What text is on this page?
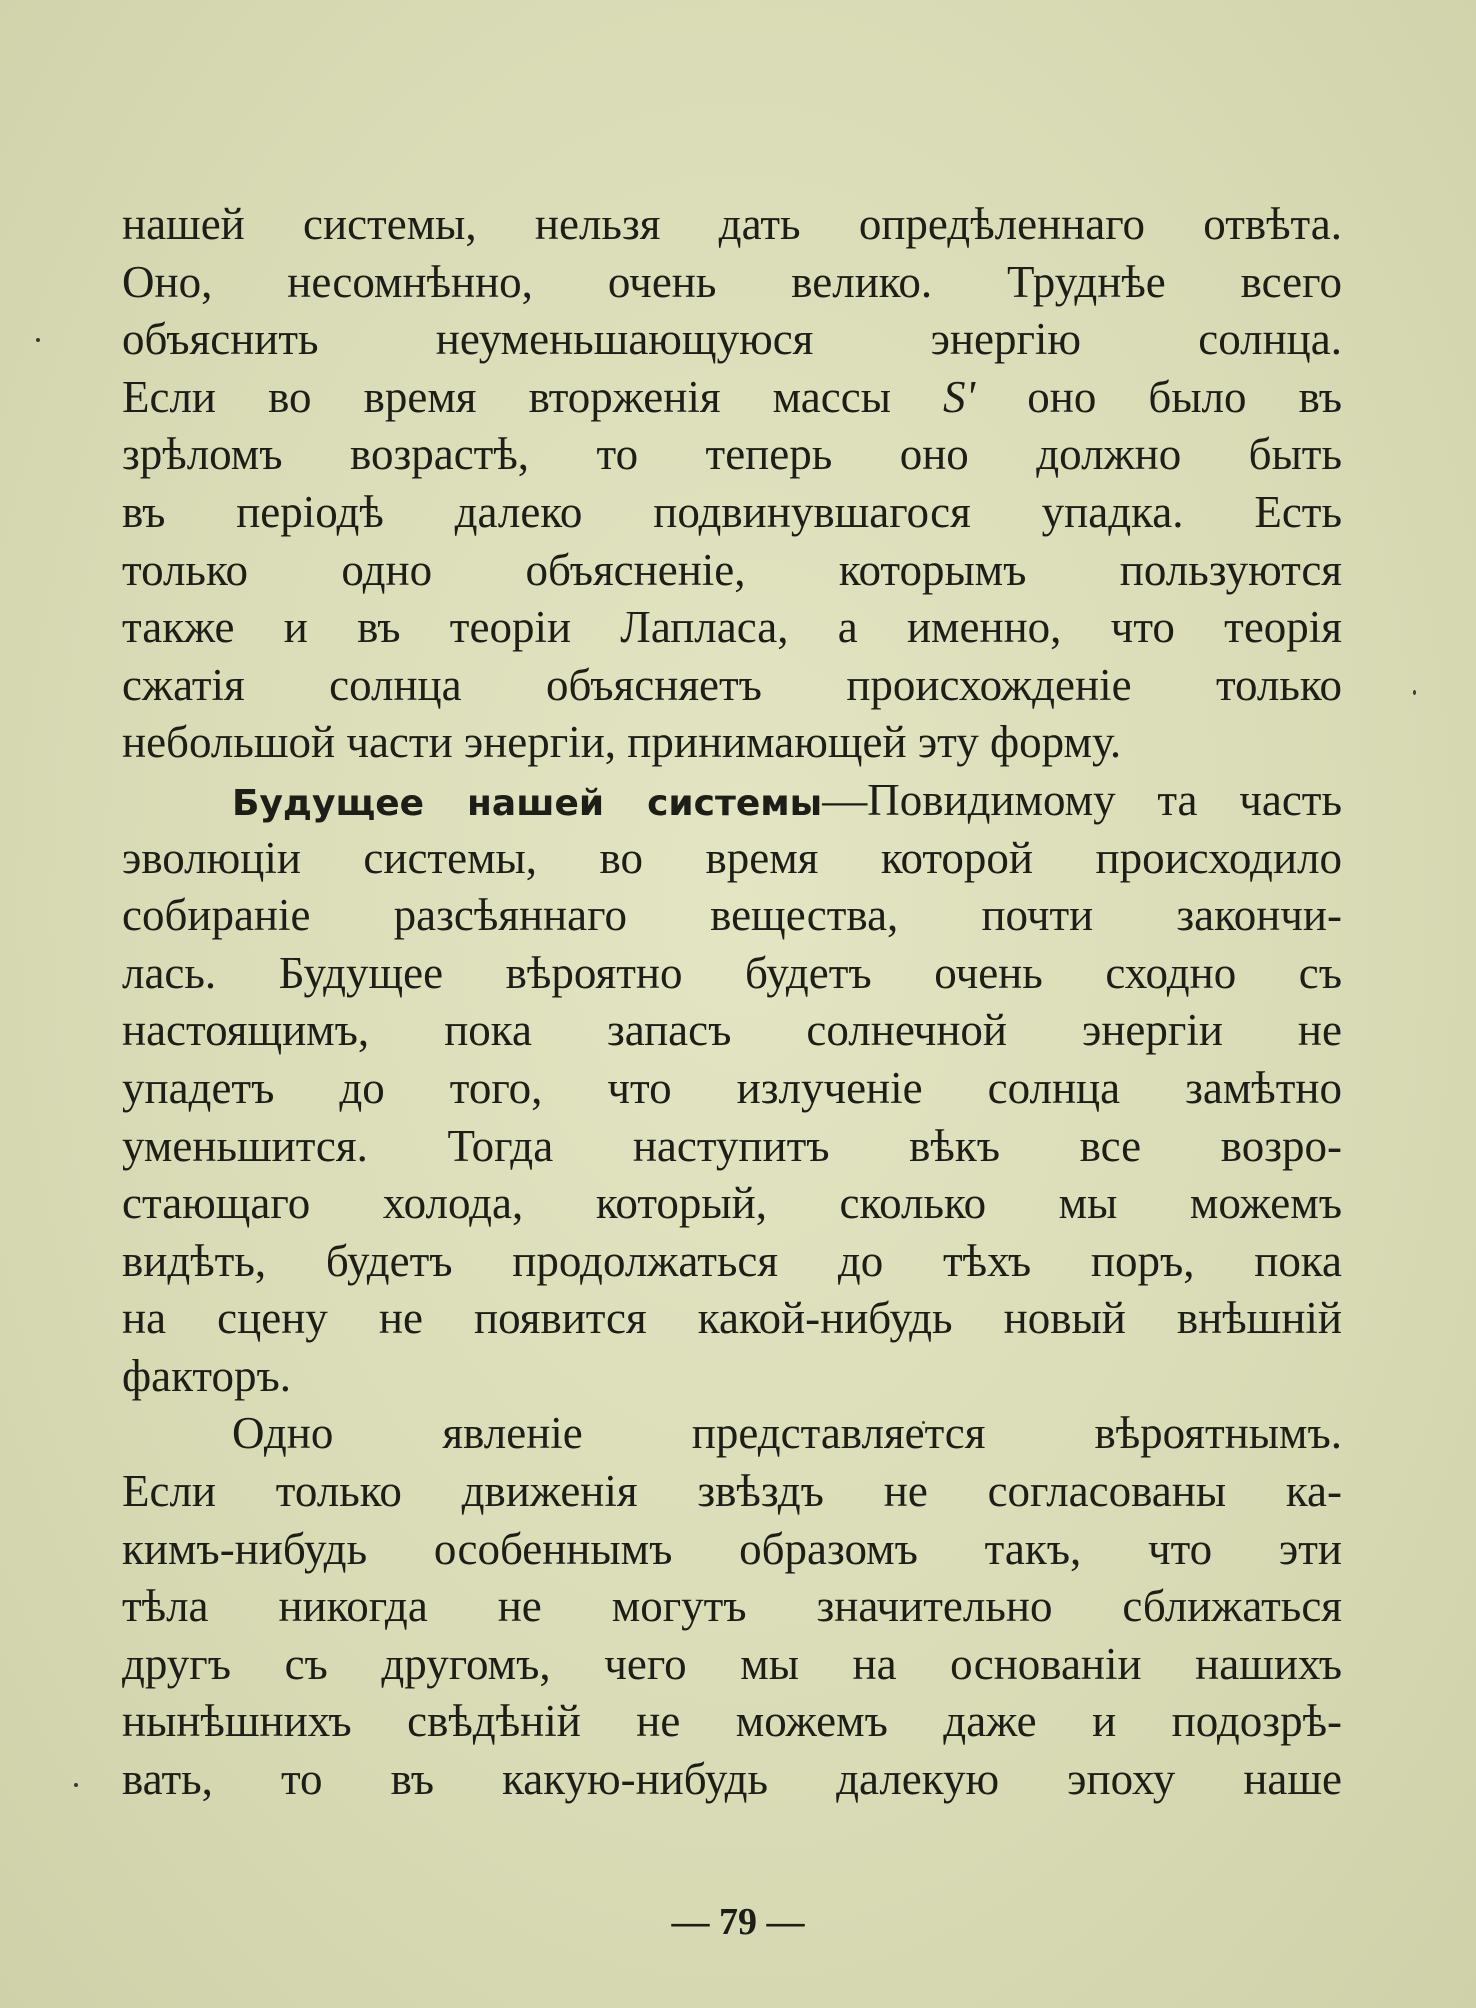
нашей системы, нельзя дать опредѣленнаго отвѣта.
Оно, несомнѣнно, очень велико. Труднѣе всего
объяснить неуменьшающуюся энергію солнца.
Если во время вторженія массы S' оно было въ
зрѣломъ возрастѣ, то теперь оно должно быть
въ періодѣ далеко подвинувшагося упадка. Есть
только одно объясненіе, которымъ пользуются
также и въ теоріи Лапласа, а именно, что теорія
сжатія солнца объясняетъ происхожденіе только
небольшой части энергіи, принимающей эту форму.
Будущее нашей системы—Повидимому та часть
эволюціи системы, во время которой происходило
собираніе разсѣяннаго вещества, почти закончи-
лась. Будущее вѣроятно будетъ очень сходно съ
настоящимъ, пока запасъ солнечной энергіи не
упадетъ до того, что излученіе солнца замѣтно
уменьшится. Тогда наступитъ вѣкъ все возро-
стающаго холода, который, сколько мы можемъ
видѣть, будетъ продолжаться до тѣхъ поръ, пока
на сцену не появится какой-нибудь новый внѣшній
факторъ.
Одно явленіе представляется вѣроятнымъ.
Если только движенія звѣздъ не согласованы ка-
кимъ-нибудь особеннымъ образомъ такъ, что эти
тѣла никогда не могутъ значительно сближаться
другъ съ другомъ, чего мы на основаніи нашихъ
нынѣшнихъ свѣдѣній не можемъ даже и подозрѣ-
вать, то въ какую-нибудь далекую эпоху наше
— 79 —
